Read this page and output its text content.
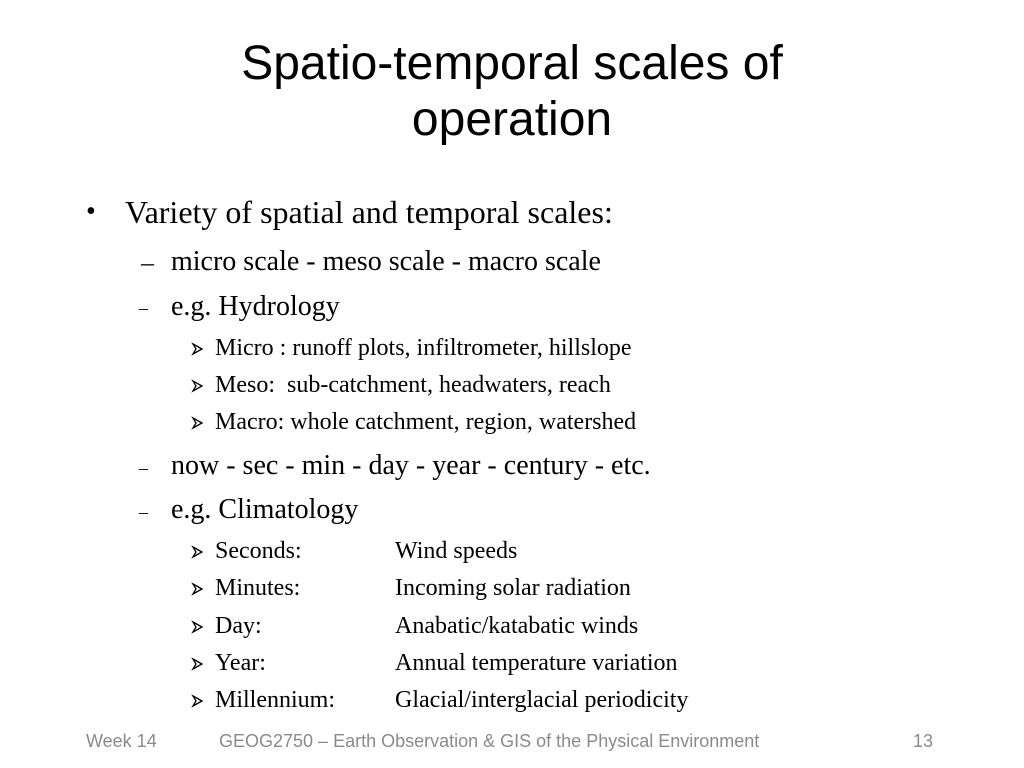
Spatio-temporal scales of
operation
• Variety of spatial and temporal scales:
– micro scale - meso scale - macro scale
– e.g. Hydrology
Micro : runoff plots, infiltrometer, hillslope
Meso:  sub-catchment, headwaters, reach
Macro: whole catchment, region, watershed
– now - sec - min - day - year - century - etc.
– e.g. Climatology
Seconds:	Wind speeds
Minutes:	Incoming solar radiation
Day:	Anabatic/katabatic winds
Year:	Annual temperature variation
Millennium:	Glacial/interglacial periodicity
Week 14	GEOG2750 – Earth Observation & GIS of the Physical Environment	13
